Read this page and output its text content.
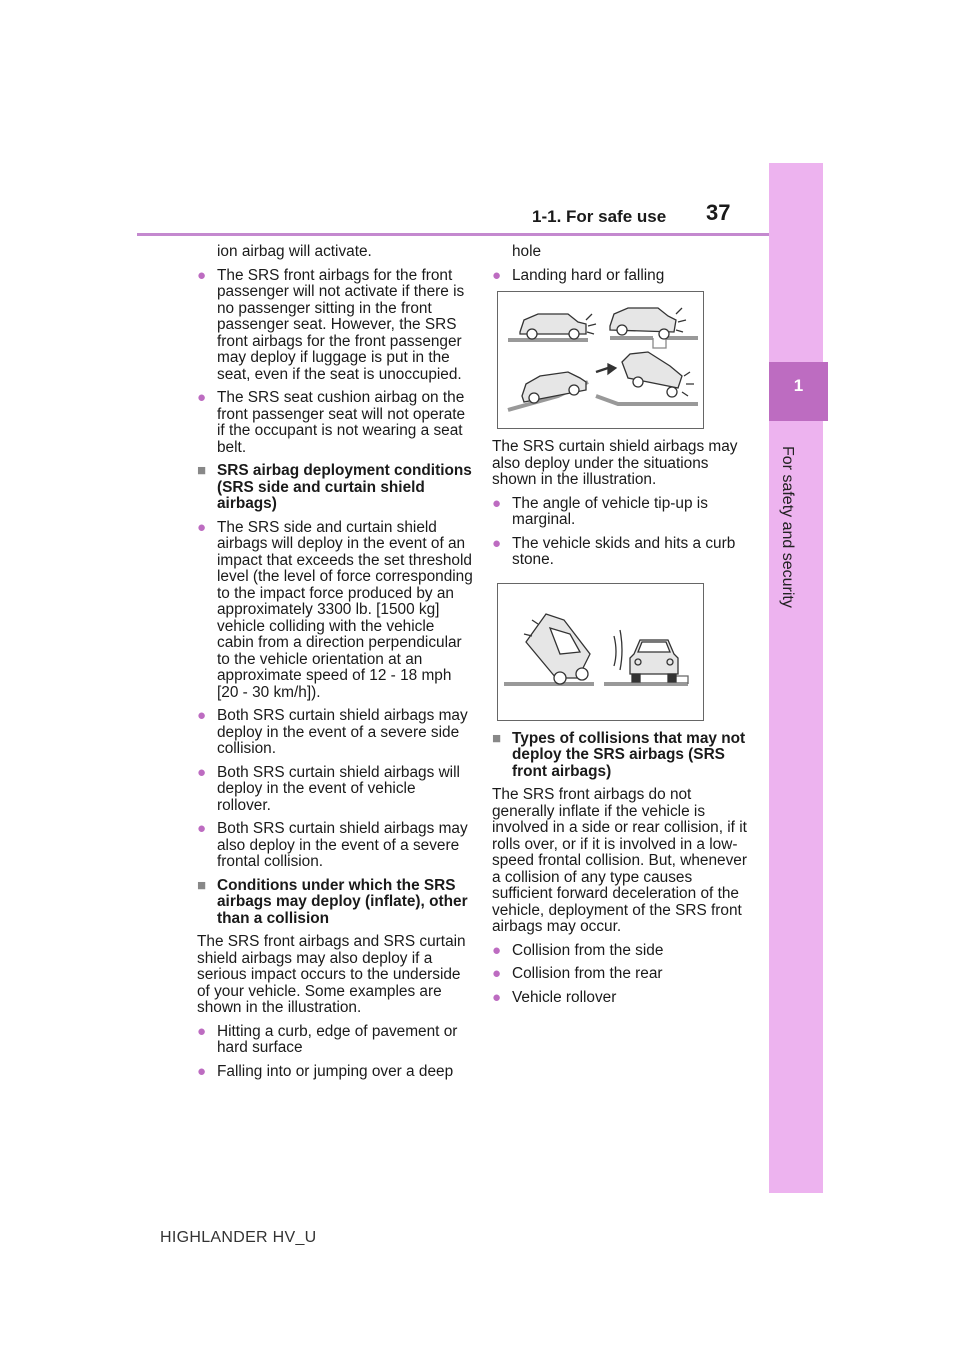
1-1. For safe use 37
1
For safety and security

ion airbag will activate.

● The SRS front airbags for the front passenger will not activate if there is no passenger sitting in the front passenger seat. However, the SRS front airbags for the front passenger may deploy if luggage is put in the seat, even if the seat is unoccupied.
● The SRS seat cushion airbag on the front passenger seat will not operate if the occupant is not wearing a seat belt.
■ SRS airbag deployment conditions (SRS side and curtain shield airbags)
● The SRS side and curtain shield airbags will deploy in the event of an impact that exceeds the set threshold level (the level of force corresponding to the impact force produced by an approximately 3300 lb. [1500 kg] vehicle colliding with the vehicle cabin from a direction perpendicular to the vehicle orientation at an approximate speed of 12 - 18 mph [20 - 30 km/h]).
● Both SRS curtain shield airbags may deploy in the event of a severe side collision.
● Both SRS curtain shield airbags will deploy in the event of vehicle rollover.
● Both SRS curtain shield airbags may also deploy in the event of a severe frontal collision.
■ Conditions under which the SRS airbags may deploy (inflate), other than a collision

The SRS front airbags and SRS curtain shield airbags may also deploy if a serious impact occurs to the underside of your vehicle. Some examples are shown in the illustration.

● Hitting a curb, edge of pavement or hard surface
● Falling into or jumping over a deep

hole

● Landing hard or falling

The SRS curtain shield airbags may also deploy under the situations shown in the illustration.

● The angle of vehicle tip-up is marginal.
● The vehicle skids and hits a curb stone.
■ Types of collisions that may not deploy the SRS airbags (SRS front airbags)

The SRS front airbags do not generally inflate if the vehicle is involved in a side or rear collision, if it rolls over, or if it is involved in a low-speed frontal collision. But, whenever a collision of any type causes sufficient forward deceleration of the vehicle, deployment of the SRS front airbags may occur.

● Collision from the side
● Collision from the rear
● Vehicle rollover
HIGHLANDER HV_U
